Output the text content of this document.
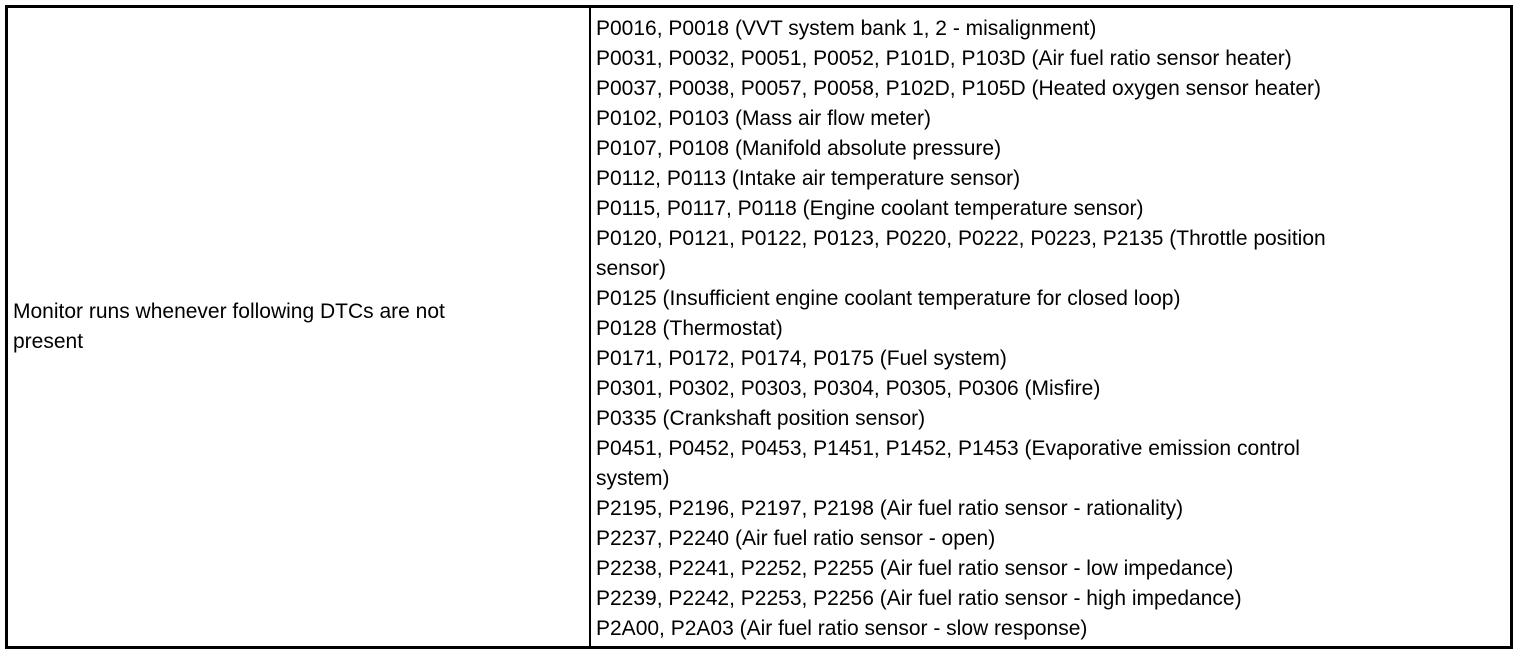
Monitor runs whenever following DTCs are not
present
P0016, P0018 (VVT system bank 1, 2 - misalignment)
P0031, P0032, P0051, P0052, P101D, P103D (Air fuel ratio sensor heater)
P0037, P0038, P0057, P0058, P102D, P105D (Heated oxygen sensor heater)
P0102, P0103 (Mass air flow meter)
P0107, P0108 (Manifold absolute pressure)
P0112, P0113 (Intake air temperature sensor)
P0115, P0117, P0118 (Engine coolant temperature sensor)
P0120, P0121, P0122, P0123, P0220, P0222, P0223, P2135 (Throttle position
sensor)
P0125 (Insufficient engine coolant temperature for closed loop)
P0128 (Thermostat)
P0171, P0172, P0174, P0175 (Fuel system)
P0301, P0302, P0303, P0304, P0305, P0306 (Misfire)
P0335 (Crankshaft position sensor)
P0451, P0452, P0453, P1451, P1452, P1453 (Evaporative emission control
system)
P2195, P2196, P2197, P2198 (Air fuel ratio sensor - rationality)
P2237, P2240 (Air fuel ratio sensor - open)
P2238, P2241, P2252, P2255 (Air fuel ratio sensor - low impedance)
P2239, P2242, P2253, P2256 (Air fuel ratio sensor - high impedance)
P2A00, P2A03 (Air fuel ratio sensor - slow response)
